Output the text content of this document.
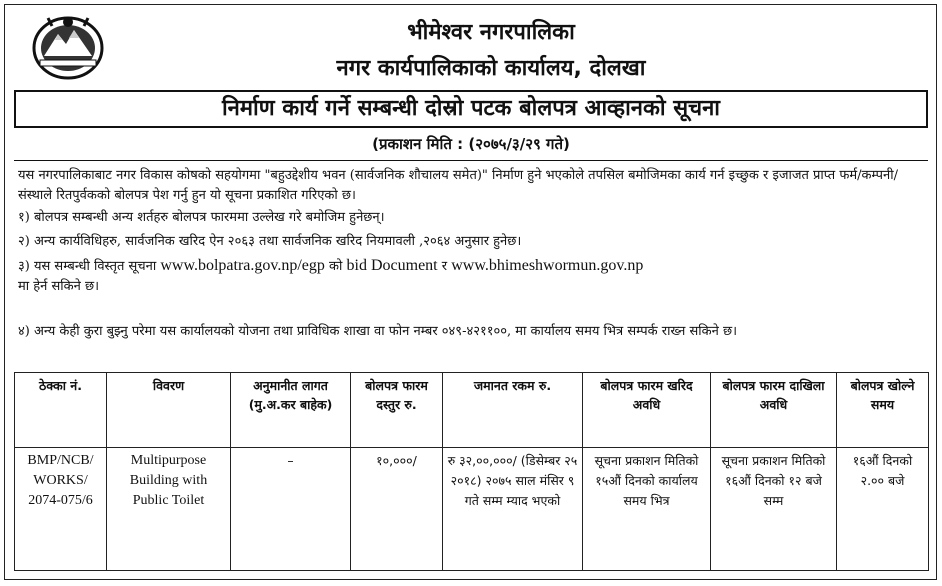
भीमेश्वर नगरपालिका
नगर कार्यपालिकाको कार्यालय, दोलखा
निर्माण कार्य गर्ने सम्बन्धी दोस्रो पटक बोलपत्र आव्हानको सूचना
(प्रकाशन मिति : (२०७५/३/२९ गते)
यस नगरपालिकाबाट नगर विकास कोषको सहयोगमा "बहुउद्देशीय भवन (सार्वजनिक शौचालय समेत)" निर्माण हुने भएकोले तपसिल बमोजिमका कार्य गर्न इच्छुक र इजाजत प्राप्त फर्म/कम्पनी/संस्थाले रितपुर्वकको बोलपत्र पेश गर्नु हुन यो सूचना प्रकाशित गरिएको छ।
१) बोलपत्र सम्बन्धी अन्य शर्तहरु बोलपत्र फारममा उल्लेख गरे बमोजिम हुनेछन्।
२) अन्य कार्यविधिहरु, सार्वजनिक खरिद ऐन २०६३ तथा सार्वजनिक खरिद नियमावली ,२०६४ अनुसार हुनेछ।
३) यस सम्बन्धी विस्तृत सूचना www.bolpatra.gov.np/egp को bid Document र www.bhimeshwormun.gov.np
मा हेर्न सकिने छ।
४) अन्य केही कुरा बुझ्नु परेमा यस कार्यालयको योजना तथा प्राविधिक शाखा वा फोन नम्बर ०४९-४२११००, मा कार्यालय समय भित्र सम्पर्क राख्न सकिने छ।
ठेक्का नं.	विवरण	अनुमानीत लागत (मु.अ.कर बाहेक)	बोलपत्र फारम दस्तुर रु.	जमानत रकम रु.	बोलपत्र फारम खरिद अवधि	बोलपत्र फारम दाखिला अवधि	बोलपत्र खोल्ने समय
BMP/NCB/ WORKS/ 2074-075/6	Multipurpose Building with Public Toilet	–	१०,०००/	रु ३२,००,०००/ (डिसेम्बर २५ २०१८) २०७५ साल मंसिर ९ गते सम्म म्याद भएको	सूचना प्रकाशन मितिको १५औं दिनको कार्यालय समय भित्र	सूचना प्रकाशन मितिको १६औं दिनको १२ बजे सम्म	१६औं दिनको २.०० बजे
